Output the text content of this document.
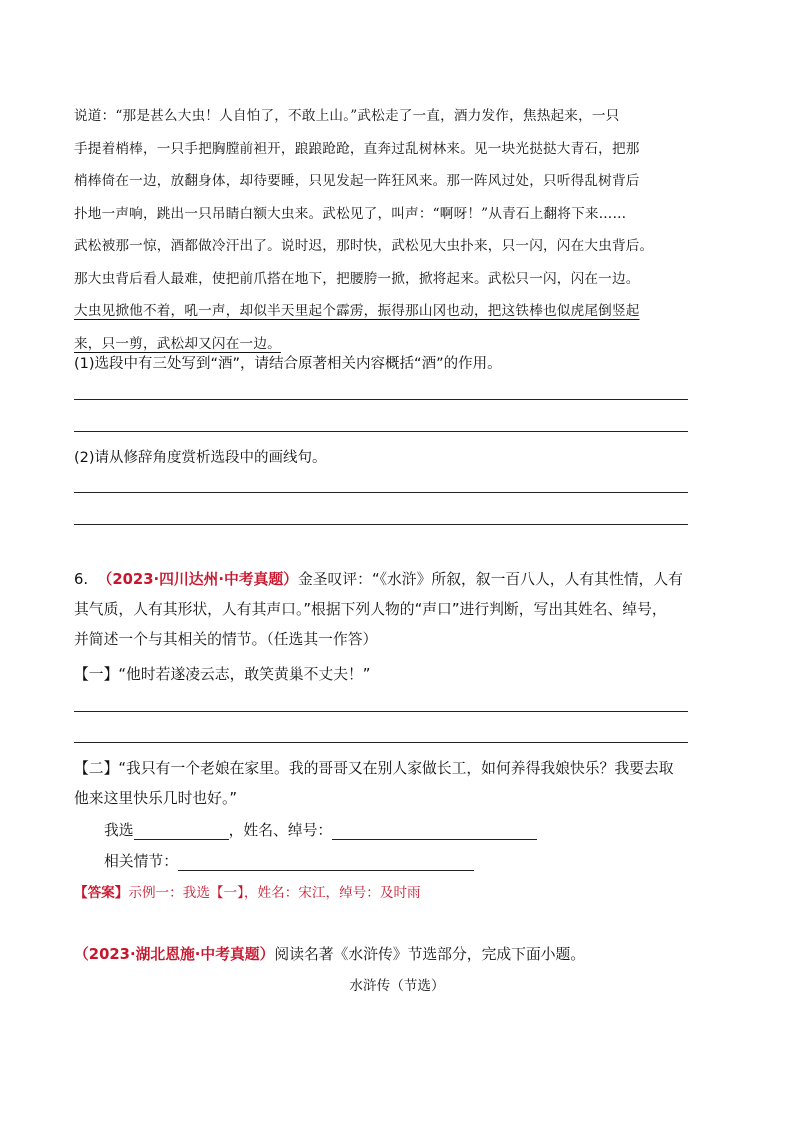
说道：“那是甚么大虫！人自怕了，不敢上山。”武松走了一直，酒力发作，焦热起来，一只
手提着梢棒，一只手把胸膛前袒开，踉踉跄跄，直奔过乱树林来。见一块光挞挞大青石，把那
梢棒倚在一边，放翻身体，却待要睡，只见发起一阵狂风来。那一阵风过处，只听得乱树背后
扑地一声响，跳出一只吊睛白额大虫来。武松见了，叫声：“啊呀！”从青石上翻将下来……
武松被那一惊，酒都做冷汗出了。说时迟，那时快，武松见大虫扑来，只一闪，闪在大虫背后。
那大虫背后看人最难，使把前爪搭在地下，把腰胯一掀，掀将起来。武松只一闪，闪在一边。
大虫见掀他不着，吼一声，却似半天里起个霹雳，振得那山冈也动，把这铁棒也似虎尾倒竖起
来，只一剪，武松却又闪在一边。
(1)选段中有三处写到“酒”，请结合原著相关内容概括“酒”的作用。
(2)请从修辞角度赏析选段中的画线句。
6. （2023·四川达州·中考真题）金圣叹评：“《水浒》所叙，叙一百八人，人有其性情，人有
其气质，人有其形状，人有其声口。”根据下列人物的“声口”进行判断，写出其姓名、绰号，
并简述一个与其相关的情节。（任选其一作答）
【一】“他时若遂凌云志，敢笑黄巢不丈夫！”
【二】“我只有一个老娘在家里。我的哥哥又在别人家做长工，如何养得我娘快乐？我要去取
他来这里快乐几时也好。”
我选	，姓名、绰号：
相关情节：
【答案】示例一：我选【一】，姓名：宋江，绰号：及时雨
（2023·湖北恩施·中考真题）阅读名著《水浒传》节选部分，完成下面小题。
水浒传（节选）
